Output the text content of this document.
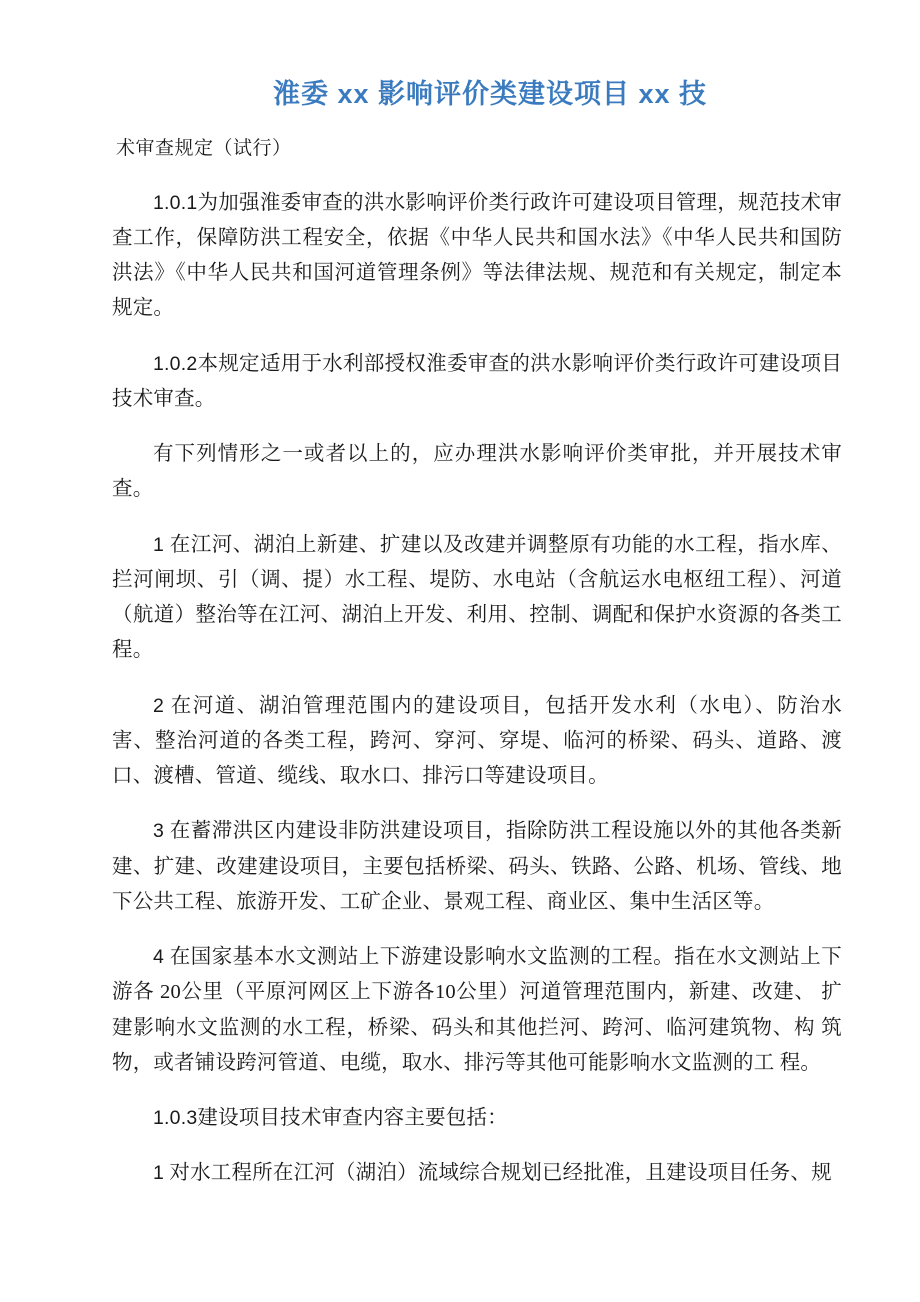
淮委 xx 影响评价类建设项目 xx 技
术审查规定（试行）

1.0.1为加强淮委审查的洪水影响评价类行政许可建设项目管理，规范技术审查工作，保障防洪工程安全，依据《中华人民共和国水法》《中华人民共和国防洪法》《中华人民共和国河道管理条例》等法律法规、规范和有关规定，制定本规定。

1.0.2本规定适用于水利部授权淮委审查的洪水影响评价类行政许可建设项目技术审查。

有下列情形之一或者以上的，应办理洪水影响评价类审批，并开展技术审查。

1 在江河、湖泊上新建、扩建以及改建并调整原有功能的水工程，指水库、拦河闸坝、引（调、提）水工程、堤防、水电站（含航运水电枢纽工程）、河道（航道）整治等在江河、湖泊上开发、利用、控制、调配和保护水资源的各类工程。

2 在河道、湖泊管理范围内的建设项目，包括开发水利（水电）、防治水害、整治河道的各类工程，跨河、穿河、穿堤、临河的桥梁、码头、道路、渡口、渡槽、管道、缆线、取水口、排污口等建设项目。

3 在蓄滞洪区内建设非防洪建设项目，指除防洪工程设施以外的其他各类新建、扩建、改建建设项目，主要包括桥梁、码头、铁路、公路、机场、管线、地下公共工程、旅游开发、工矿企业、景观工程、商业区、集中生活区等。

4 在国家基本水文测站上下游建设影响水文监测的工程。指在水文测站上下游各 20公里（平原河网区上下游各10公里）河道管理范围内，新建、改建、 扩建影响水文监测的水工程，桥梁、码头和其他拦河、跨河、临河建筑物、构 筑物，或者铺设跨河管道、电缆，取水、排污等其他可能影响水文监测的工 程。

1.0.3建设项目技术审查内容主要包括：

1 对水工程所在江河（湖泊）流域综合规划已经批准，且建设项目任务、规
